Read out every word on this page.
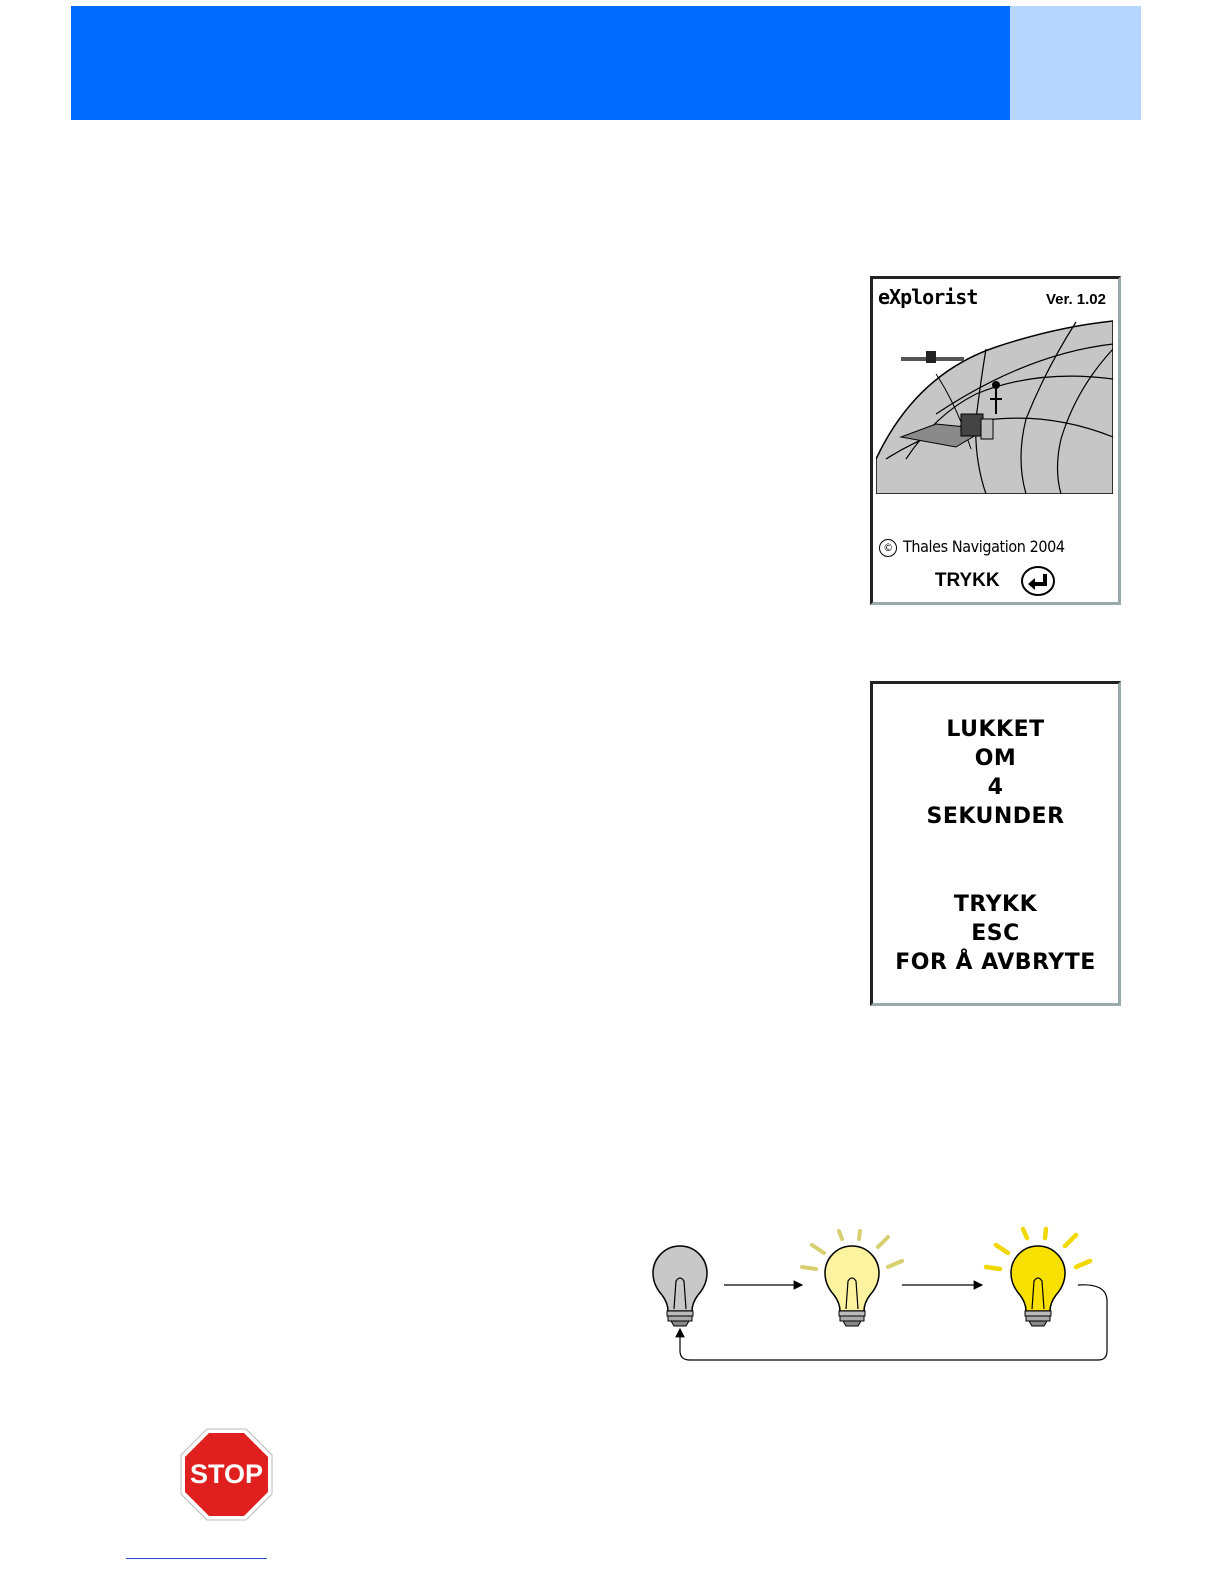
eXplorist	Ver. 1.02
© Thales Navigation 2004
TRYKK
LUKKET
OM
4
SEKUNDER
TRYKK
ESC
FOR Å AVBRYTE
STOP
